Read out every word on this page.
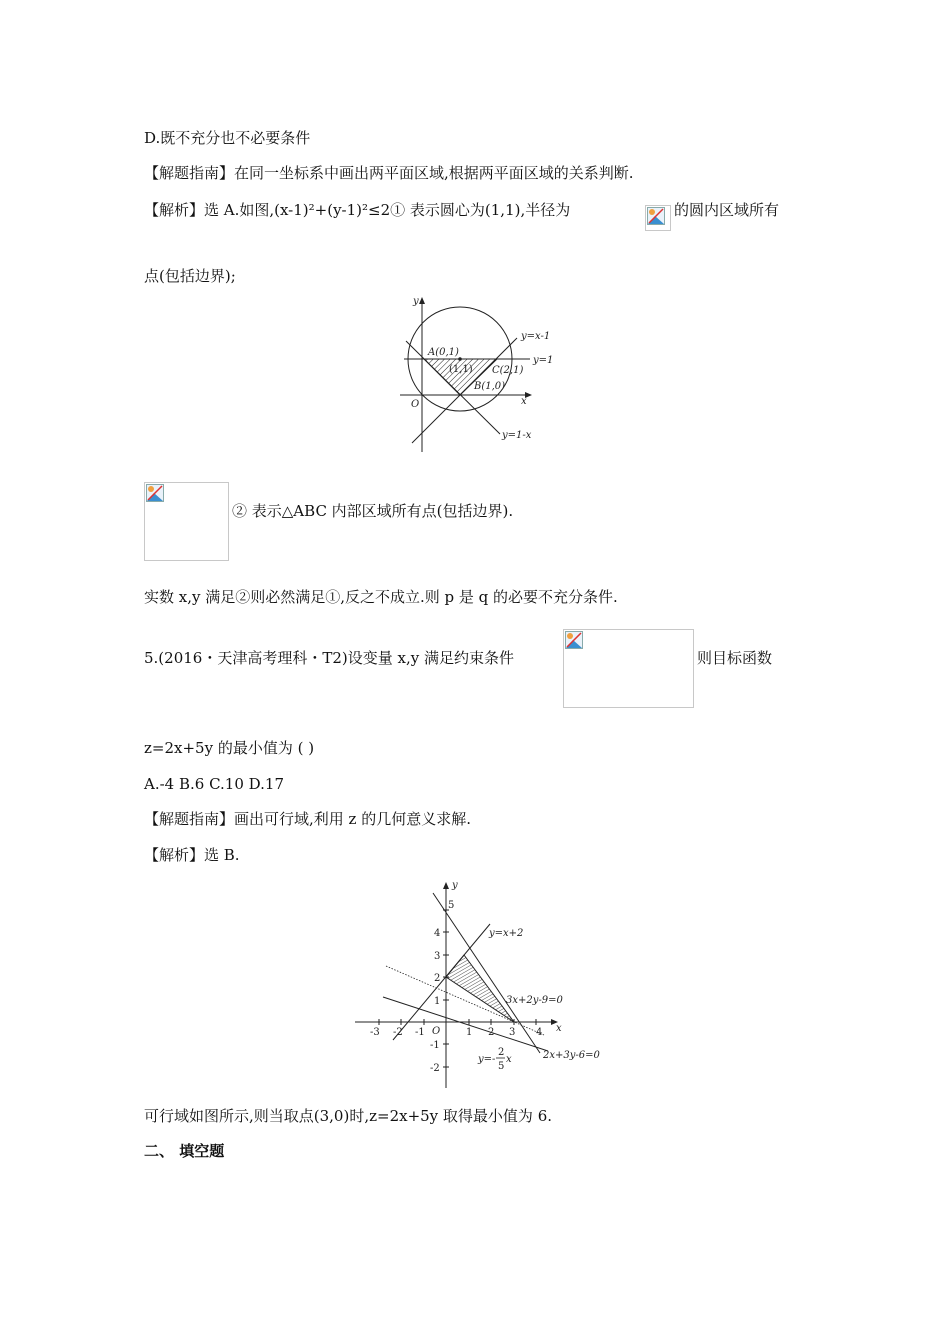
D.既不充分也不必要条件
【解题指南】在同一坐标系中画出两平面区域,根据两平面区域的关系判断.
【解析】选 A.如图,(x-1)²+(y-1)²≤2① 表示圆心为(1,1),半径为	的圆内区域所有
点(包括边界);
y
x
O
y=x-1
y=1
y=1-x
A(0,1)
C(2,1)
B(1,0)
(1,1)
② 表示△ABC 内部区域所有点(包括边界).
实数 x,y 满足②则必然满足①,反之不成立.则 p 是 q 的必要不充分条件.
5.(2016・天津高考理科・T2)设变量 x,y 满足约束条件	则目标函数
z=2x+5y 的最小值为 ( )
A.-4 B.6 C.10 D.17
【解题指南】画出可行域,利用 z 的几何意义求解.
【解析】选 B.
y
x
O
y=x+2
3x+2y-9=0
2x+3y-6=0
y=-
2
5
x
-3 -2 -1	1 2 3 4
5
4
3
2
1
-1
-2
可行域如图所示,则当取点(3,0)时,z=2x+5y 取得最小值为 6.
二、 填空题
